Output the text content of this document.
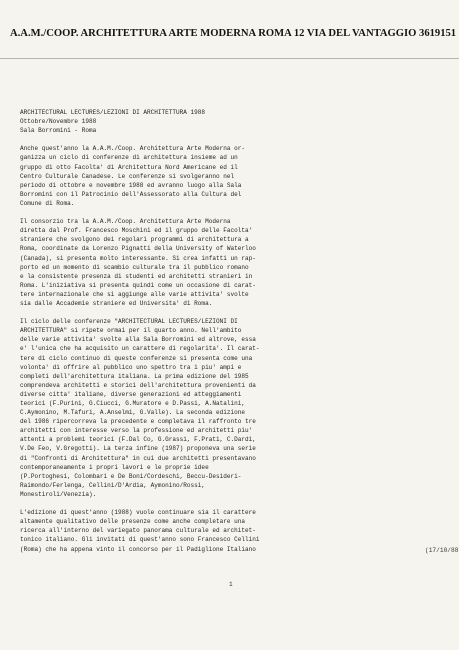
A.A.M./COOP. ARCHITETTURA ARTE MODERNA ROMA 12 VIA DEL VANTAGGIO 3619151
ARCHITECTURAL LECTURES/LEZIONI DI ARCHITETTURA 1988
Ottobre/Novembre 1988
Sala Borromini - Roma
Anche quest'anno la A.A.M./Coop. Architettura Arte Moderna or-
ganizza un ciclo di conferenze di architettura insieme ad un
gruppo di otto Facolta' di Architettura Nord Americane ed il
Centro Culturale Canadese. Le conferenze si svolgeranno nel
periodo di ottobre e novembre 1988 ed avranno luogo alla Sala
Borromini con il Patrocinio dell'Assessorato alla Cultura del
Comune di Roma.
Il consorzio tra la A.A.M./Coop. Architettura Arte Moderna
diretta dal Prof. Francesco Moschini ed il gruppo delle Facolta'
straniere che svolgono dei regolari programmi di architettura a
Roma, coordinate da Lorenzo Pignatti della University of Waterloo
(Canada), si presenta molto interessante. Si crea infatti un rap-
porto ed un momento di scambio culturale tra il pubblico romano
e la consistente presenza di studenti ed architetti stranieri in
Roma. L'iniziativa si presenta quindi come un occasione di carat-
tere internazionale che si aggiunge alle varie attivita' svolte
sia dalle Accademie straniere ed Universita' di Roma.
Il ciclo delle conferenze "ARCHITECTURAL LECTURES/LEZIONI DI
ARCHITETTURA" si ripete ormai per il quarto anno. Nell'ambito
delle varie attivita' svolte alla Sala Borromini ed altrove, essa
e' l'unica che ha acquisito un carattere di regolarita'. Il carat-
tere di ciclo continuo di queste conferenze si presenta come una
volonta' di offrire al pubblico uno spettro tra i piu' ampi e
completi dell'architettura italiana. La prima edizione del 1985
comprendeva architetti e storici dell'architettura provenienti da
diverse citta' italiane, diverse generazioni ed atteggiamenti
teorici (F.Purini, G.Ciucci, G.Muratore e D.Passi, A.Natalini,
C.Aymonino, M.Tafuri, A.Anselmi, G.Valle). La seconda edizione
del 1986 ripercorreva la precedente e completava il raffronto tre
architetti con interesse verso la professione ed architetti piu'
attenti a problemi teorici (F.Dal Co, G.Grassi, F.Prati, C.Dardi,
V.De Feo, V.Gregotti). La terza infine (1987) proponeva una serie
di "Confronti di Architettura" in cui due architetti presentavano
contemporaneamente i propri lavori e le proprie idee
(P.Portoghesi, Colombari e De Boni/Cordeschi, Beccu-Desideri-
Raimondo/Ferlenga, Cellini/D'Ardia, Aymonino/Rossi,
Monestiroli/Venezia).
L'edizione di quest'anno (1988) vuole continuare sia il carattere
altamente qualitativo delle presenze come anche completare una
ricerca all'interno del variegato panorama culturale ed architet-
tonico italiano. Gli invitati di quest'anno sono Francesco Cellini
(Roma) che ha appena vinto il concorso per il Padiglione Italiano	(17/10/88
1
